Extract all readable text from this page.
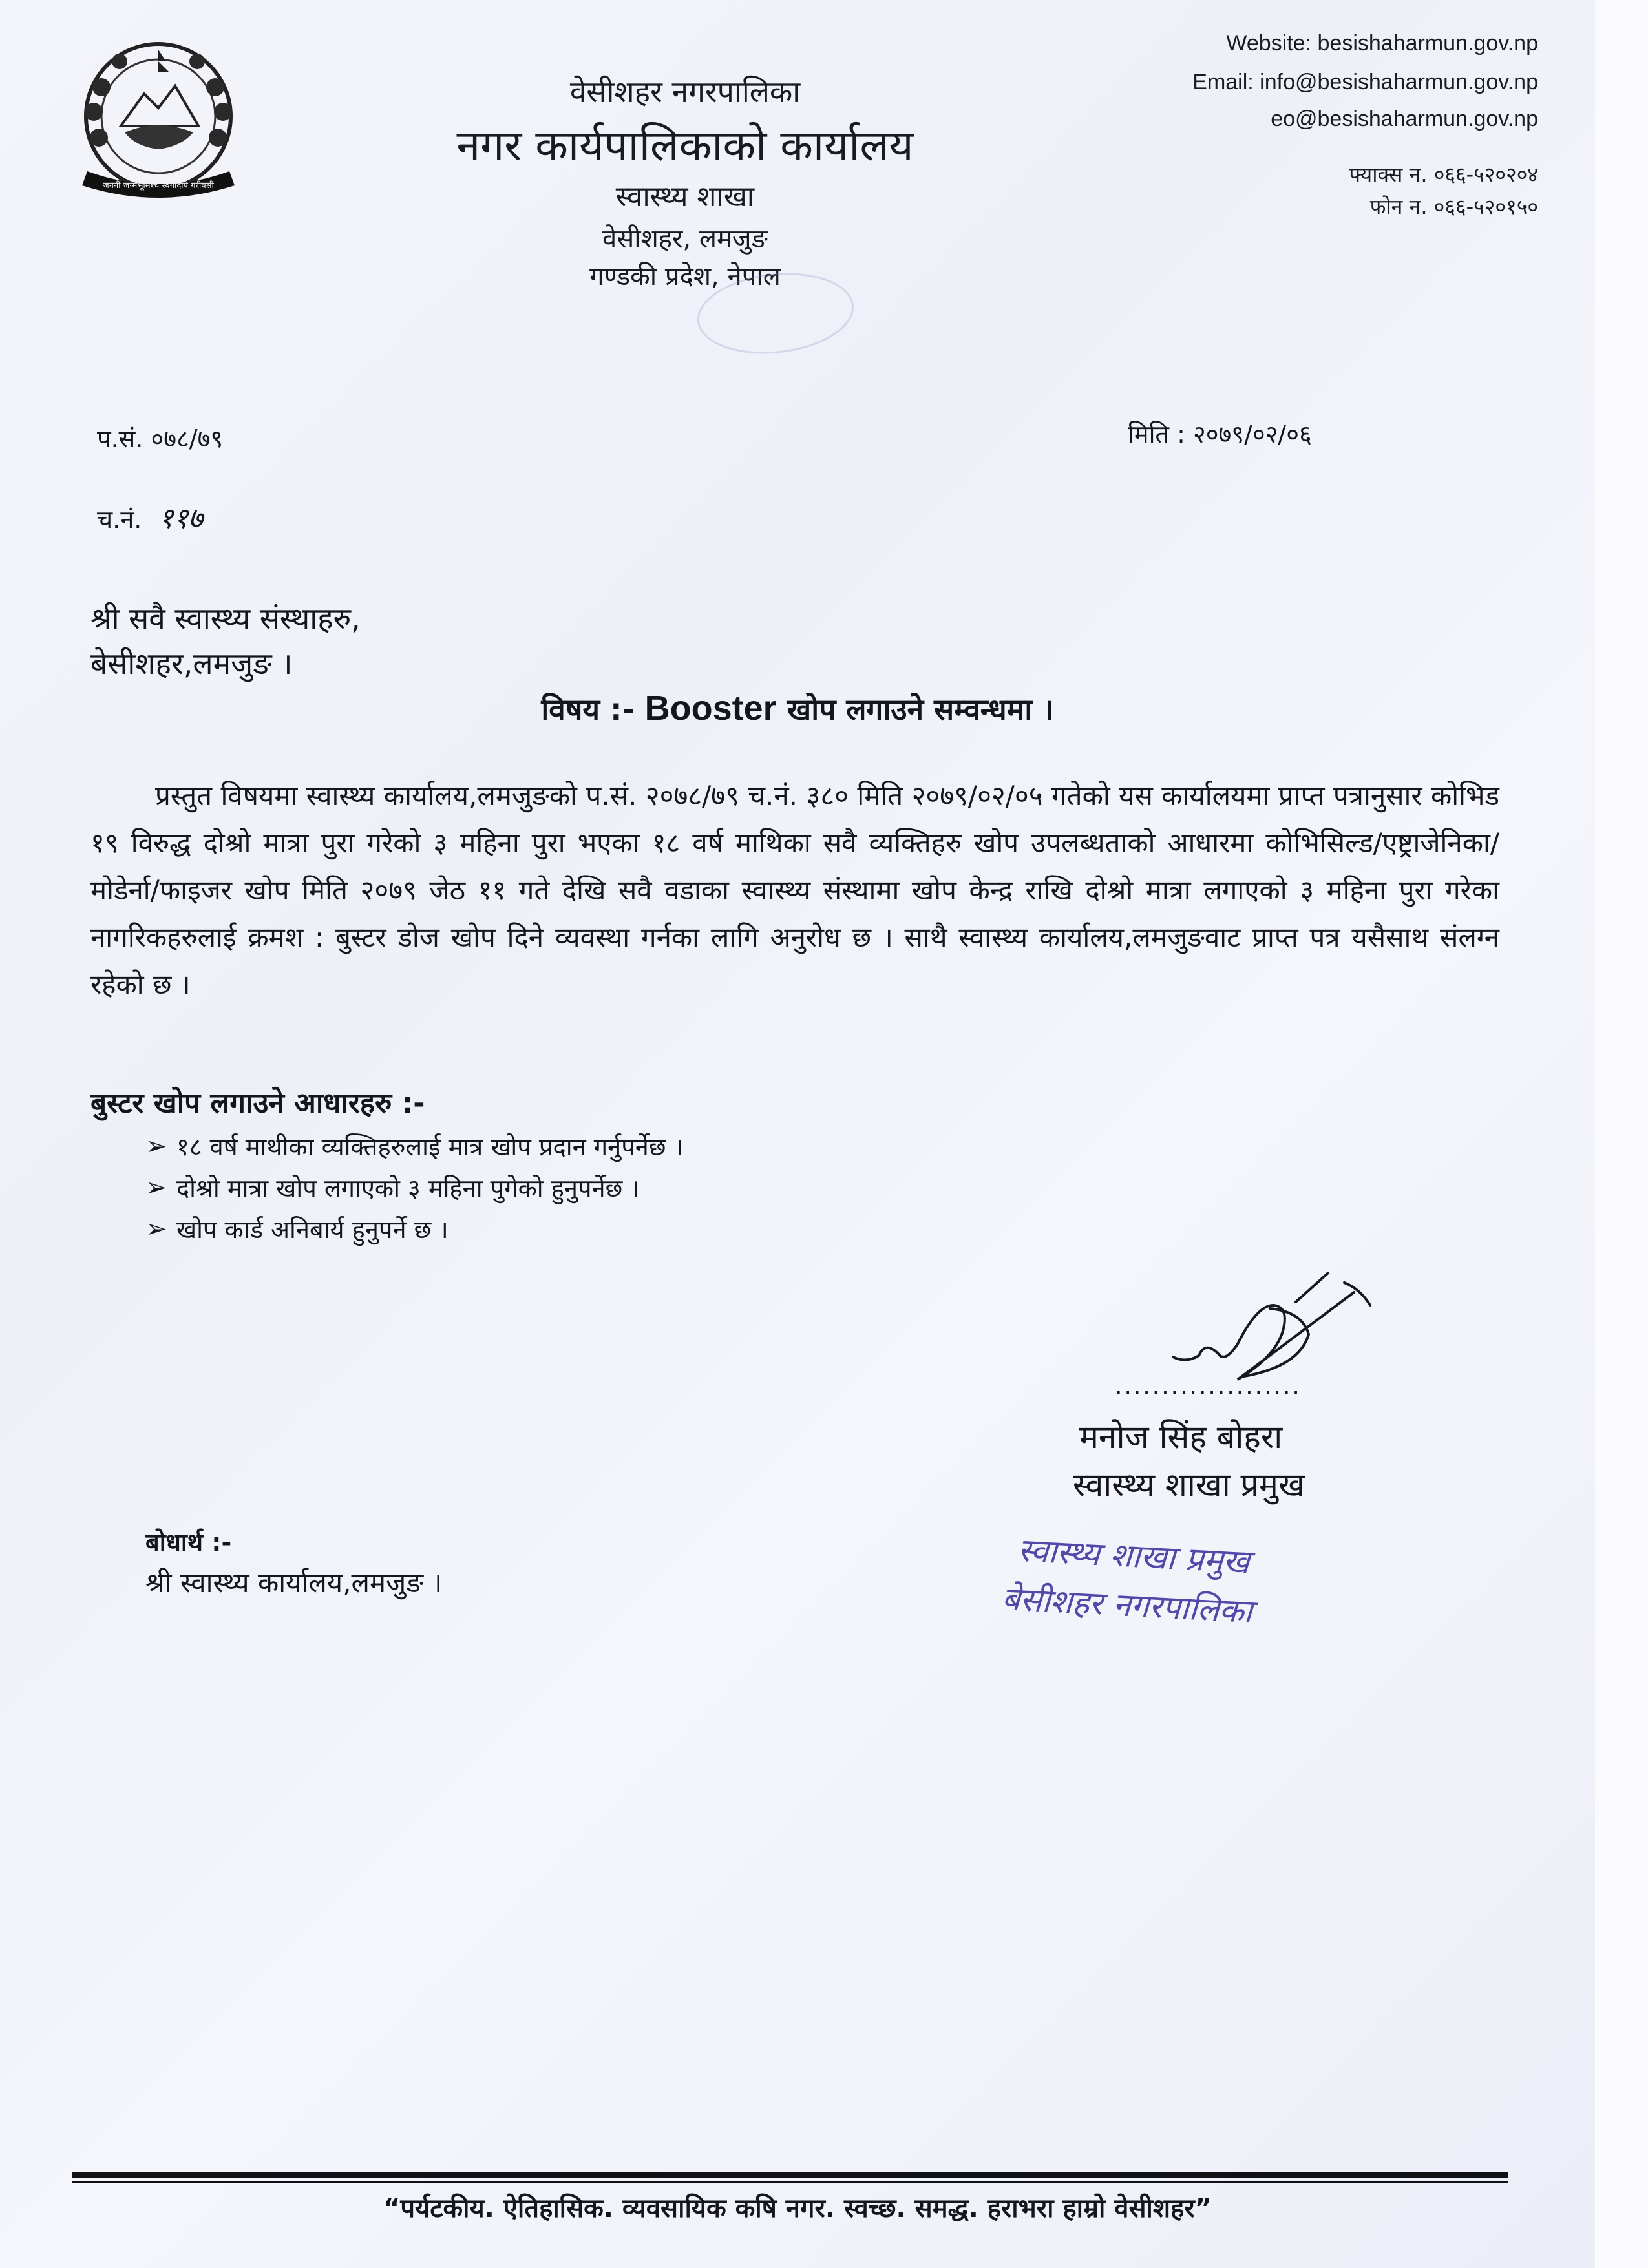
जननी जन्मभूमिश्च स्वर्गादपि गरीयसी
वेसीशहर नगरपालिका
नगर कार्यपालिकाको कार्यालय
स्वास्थ्य शाखा
वेसीशहर, लमजुङ
गण्डकी प्रदेश, नेपाल
Website: besishaharmun.gov.np
Email: info@besishaharmun.gov.np
eo@besishaharmun.gov.np
फ्याक्स न. ०६६-५२०२०४
फोन न. ०६६-५२०१५०
प.सं. ०७८/७९
च.नं. ११७
मिति : २०७९/०२/०६
श्री सवै स्वास्थ्य संस्थाहरु,
बेसीशहर,लमजुङ ।
विषय :- Booster खोप लगाउने सम्वन्धमा ।

प्रस्तुत विषयमा स्वास्थ्य कार्यालय,लमजुङको प.सं. २०७८/७९ च.नं. ३८० मिति २०७९/०२/०५ गतेको यस कार्यालयमा प्राप्त पत्रानुसार कोभिड १९ विरुद्ध दोश्रो मात्रा पुरा गरेको ३ महिना पुरा भएका १८ वर्ष माथिका सवै व्यक्तिहरु खोप उपलब्धताको आधारमा कोभिसिल्ड/एष्ट्राजेनिका/मोडेर्ना/फाइजर खोप मिति २०७९ जेठ ११ गते देखि सवै वडाका स्वास्थ्य संस्थामा खोप केन्द्र राखि दोश्रो मात्रा लगाएको ३ महिना पुरा गरेका नागरिकहरुलाई क्रमश : बुस्टर डोज खोप दिने व्यवस्था गर्नका लागि अनुरोध छ । साथै स्वास्थ्य कार्यालय,लमजुङवाट प्राप्त पत्र यसैसाथ संलग्न रहेको छ ।

बुस्टर खोप लगाउने आधारहरु :-
➢ १८ वर्ष माथीका व्यक्तिहरुलाई मात्र खोप प्रदान गर्नुपर्नेछ ।
➢ दोश्रो मात्रा खोप लगाएको ३ महिना पुगेको हुनुपर्नेछ ।
➢ खोप कार्ड अनिबार्य हुनुपर्ने छ ।
....................
मनोज सिंह बोहरा
स्वास्थ्य शाखा प्रमुख
स्वास्थ्य शाखा प्रमुख
बेसीशहर नगरपालिका
बोधार्थ :-
श्री स्वास्थ्य कार्यालय,लमजुङ ।
“पर्यटकीय. ऐतिहासिक. व्यवसायिक कषि नगर. स्वच्छ. समद्ध. हराभरा हाम्रो वेसीशहर”
